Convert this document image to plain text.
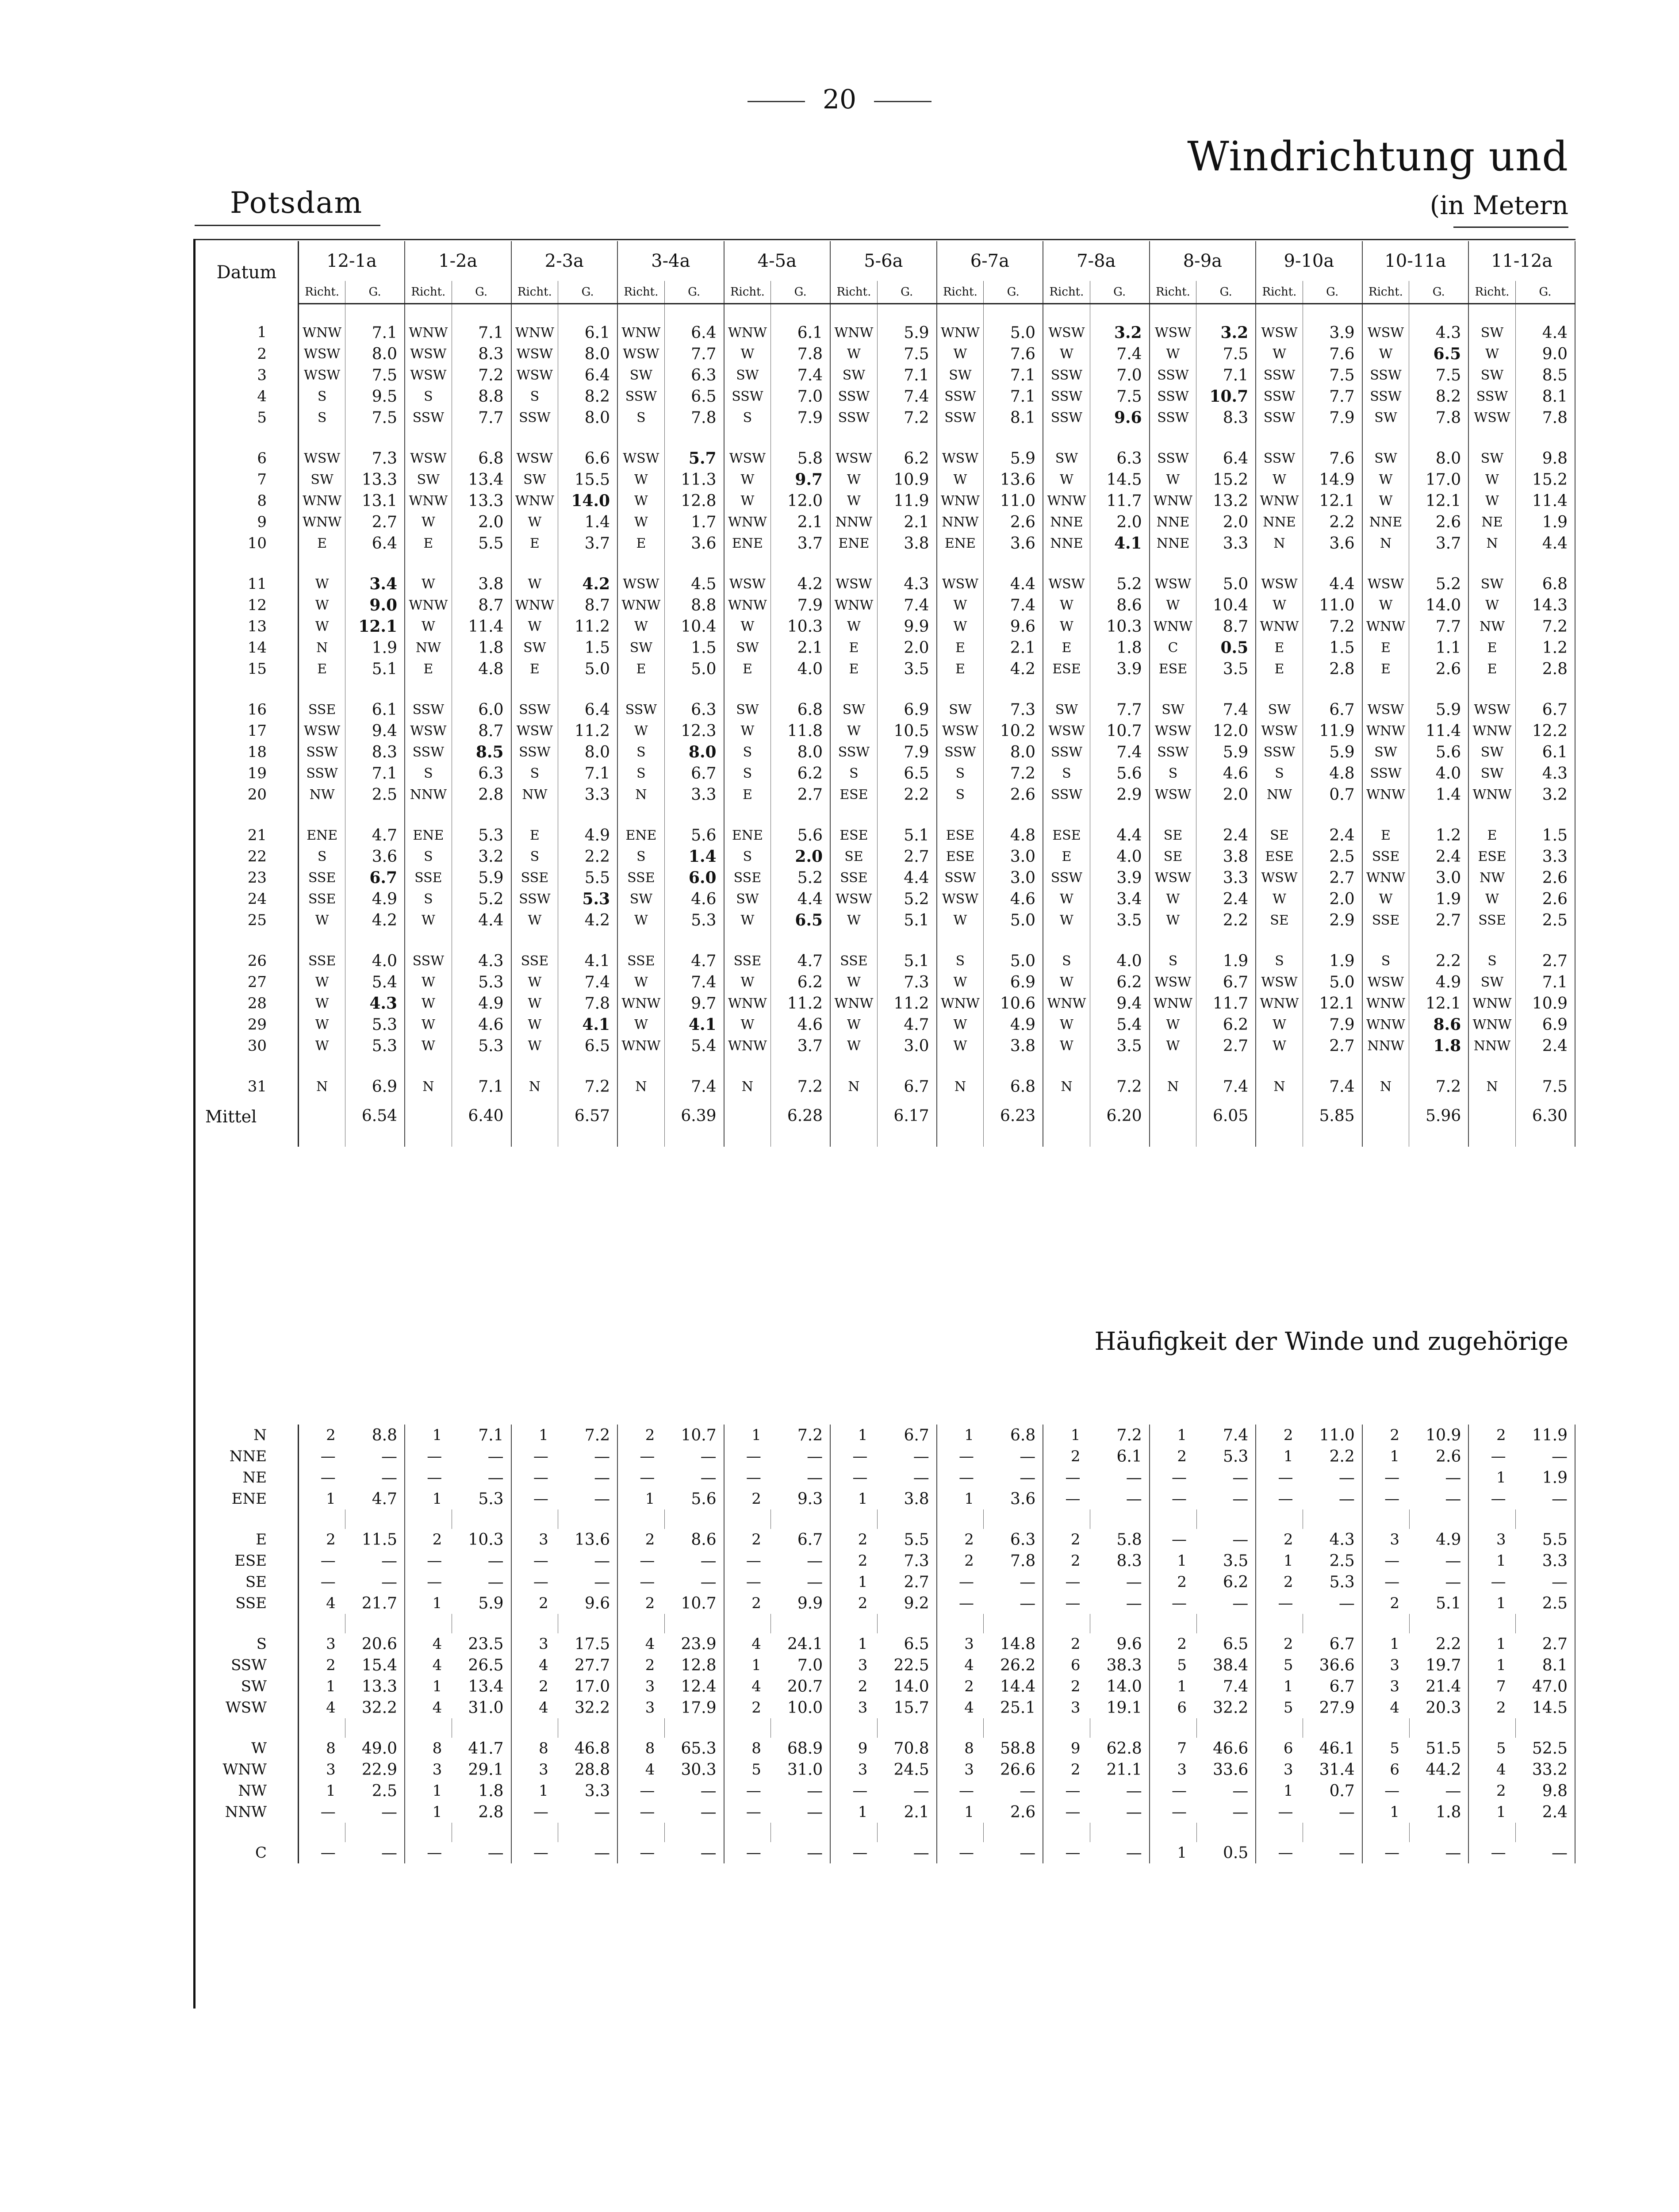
20
Windrichtung und
(in Metern
Potsdam
Datum	12-1a		1-2a		2-3a		3-4a		4-5a		5-6a		6-7a		7-8a		8-9a		9-10a		10-11a		11-12a	
	Richt.	G.	Richt.	G.	Richt.	G.	Richt.	G.	Richt.	G.	Richt.	G.	Richt.	G.	Richt.	G.	Richt.	G.	Richt.	G.	Richt.	G.	Richt.	G.
1	WNW	7.1	WNW	7.1	WNW	6.1	WNW	6.4	WNW	6.1	WNW	5.9	WNW	5.0	WSW	3.2	WSW	3.2	WSW	3.9	WSW	4.3	SW	4.4
2	WSW	8.0	WSW	8.3	WSW	8.0	WSW	7.7	W	7.8	W	7.5	W	7.6	W	7.4	W	7.5	W	7.6	W	6.5	W	9.0
3	WSW	7.5	WSW	7.2	WSW	6.4	SW	6.3	SW	7.4	SW	7.1	SW	7.1	SSW	7.0	SSW	7.1	SSW	7.5	SSW	7.5	SW	8.5
4	S	9.5	S	8.8	S	8.2	SSW	6.5	SSW	7.0	SSW	7.4	SSW	7.1	SSW	7.5	SSW	10.7	SSW	7.7	SSW	8.2	SSW	8.1
5	S	7.5	SSW	7.7	SSW	8.0	S	7.8	S	7.9	SSW	7.2	SSW	8.1	SSW	9.6	SSW	8.3	SSW	7.9	SW	7.8	WSW	7.8

6	WSW	7.3	WSW	6.8	WSW	6.6	WSW	5.7	WSW	5.8	WSW	6.2	WSW	5.9	SW	6.3	SSW	6.4	SSW	7.6	SW	8.0	SW	9.8
7	SW	13.3	SW	13.4	SW	15.5	W	11.3	W	9.7	W	10.9	W	13.6	W	14.5	W	15.2	W	14.9	W	17.0	W	15.2
8	WNW	13.1	WNW	13.3	WNW	14.0	W	12.8	W	12.0	W	11.9	WNW	11.0	WNW	11.7	WNW	13.2	WNW	12.1	W	12.1	W	11.4
9	WNW	2.7	W	2.0	W	1.4	W	1.7	WNW	2.1	NNW	2.1	NNW	2.6	NNE	2.0	NNE	2.0	NNE	2.2	NNE	2.6	NE	1.9
10	E	6.4	E	5.5	E	3.7	E	3.6	ENE	3.7	ENE	3.8	ENE	3.6	NNE	4.1	NNE	3.3	N	3.6	N	3.7	N	4.4

11	W	3.4	W	3.8	W	4.2	WSW	4.5	WSW	4.2	WSW	4.3	WSW	4.4	WSW	5.2	WSW	5.0	WSW	4.4	WSW	5.2	SW	6.8
12	W	9.0	WNW	8.7	WNW	8.7	WNW	8.8	WNW	7.9	WNW	7.4	W	7.4	W	8.6	W	10.4	W	11.0	W	14.0	W	14.3
13	W	12.1	W	11.4	W	11.2	W	10.4	W	10.3	W	9.9	W	9.6	W	10.3	WNW	8.7	WNW	7.2	WNW	7.7	NW	7.2
14	N	1.9	NW	1.8	SW	1.5	SW	1.5	SW	2.1	E	2.0	E	2.1	E	1.8	C	0.5	E	1.5	E	1.1	E	1.2
15	E	5.1	E	4.8	E	5.0	E	5.0	E	4.0	E	3.5	E	4.2	ESE	3.9	ESE	3.5	E	2.8	E	2.6	E	2.8

16	SSE	6.1	SSW	6.0	SSW	6.4	SSW	6.3	SW	6.8	SW	6.9	SW	7.3	SW	7.7	SW	7.4	SW	6.7	WSW	5.9	WSW	6.7
17	WSW	9.4	WSW	8.7	WSW	11.2	W	12.3	W	11.8	W	10.5	WSW	10.2	WSW	10.7	WSW	12.0	WSW	11.9	WNW	11.4	WNW	12.2
18	SSW	8.3	SSW	8.5	SSW	8.0	S	8.0	S	8.0	SSW	7.9	SSW	8.0	SSW	7.4	SSW	5.9	SSW	5.9	SW	5.6	SW	6.1
19	SSW	7.1	S	6.3	S	7.1	S	6.7	S	6.2	S	6.5	S	7.2	S	5.6	S	4.6	S	4.8	SSW	4.0	SW	4.3
20	NW	2.5	NNW	2.8	NW	3.3	N	3.3	E	2.7	ESE	2.2	S	2.6	SSW	2.9	WSW	2.0	NW	0.7	WNW	1.4	WNW	3.2

21	ENE	4.7	ENE	5.3	E	4.9	ENE	5.6	ENE	5.6	ESE	5.1	ESE	4.8	ESE	4.4	SE	2.4	SE	2.4	E	1.2	E	1.5
22	S	3.6	S	3.2	S	2.2	S	1.4	S	2.0	SE	2.7	ESE	3.0	E	4.0	SE	3.8	ESE	2.5	SSE	2.4	ESE	3.3
23	SSE	6.7	SSE	5.9	SSE	5.5	SSE	6.0	SSE	5.2	SSE	4.4	SSW	3.0	SSW	3.9	WSW	3.3	WSW	2.7	WNW	3.0	NW	2.6
24	SSE	4.9	S	5.2	SSW	5.3	SW	4.6	SW	4.4	WSW	5.2	WSW	4.6	W	3.4	W	2.4	W	2.0	W	1.9	W	2.6
25	W	4.2	W	4.4	W	4.2	W	5.3	W	6.5	W	5.1	W	5.0	W	3.5	W	2.2	SE	2.9	SSE	2.7	SSE	2.5

26	SSE	4.0	SSW	4.3	SSE	4.1	SSE	4.7	SSE	4.7	SSE	5.1	S	5.0	S	4.0	S	1.9	S	1.9	S	2.2	S	2.7
27	W	5.4	W	5.3	W	7.4	W	7.4	W	6.2	W	7.3	W	6.9	W	6.2	WSW	6.7	WSW	5.0	WSW	4.9	SW	7.1
28	W	4.3	W	4.9	W	7.8	WNW	9.7	WNW	11.2	WNW	11.2	WNW	10.6	WNW	9.4	WNW	11.7	WNW	12.1	WNW	12.1	WNW	10.9
29	W	5.3	W	4.6	W	4.1	W	4.1	W	4.6	W	4.7	W	4.9	W	5.4	W	6.2	W	7.9	WNW	8.6	WNW	6.9
30	W	5.3	W	5.3	W	6.5	WNW	5.4	WNW	3.7	W	3.0	W	3.8	W	3.5	W	2.7	W	2.7	NNW	1.8	NNW	2.4

31	N	6.9	N	7.1	N	7.2	N	7.4	N	7.2	N	6.7	N	6.8	N	7.2	N	7.4	N	7.4	N	7.2	N	7.5
Mittel		6.54		6.40		6.57		6.39		6.28		6.17		6.23		6.20		6.05		5.85		5.96		6.30
Häufigkeit der Winde und zugehörige
N	2	8.8	1	7.1	1	7.2	2	10.7	1	7.2	1	6.7	1	6.8	1	7.2	1	7.4	2	11.0	2	10.9	2	11.9
NNE	—	—	—	—	—	—	—	—	—	—	—	—	—	—	2	6.1	2	5.3	1	2.2	1	2.6	—	—
NE	—	—	—	—	—	—	—	—	—	—	—	—	—	—	—	—	—	—	—	—	—	—	1	1.9
ENE	1	4.7	1	5.3	—	—	1	5.6	2	9.3	1	3.8	1	3.6	—	—	—	—	—	—	—	—	—	—

E	2	11.5	2	10.3	3	13.6	2	8.6	2	6.7	2	5.5	2	6.3	2	5.8	—	—	2	4.3	3	4.9	3	5.5
ESE	—	—	—	—	—	—	—	—	—	—	2	7.3	2	7.8	2	8.3	1	3.5	1	2.5	—	—	1	3.3
SE	—	—	—	—	—	—	—	—	—	—	1	2.7	—	—	—	—	2	6.2	2	5.3	—	—	—	—
SSE	4	21.7	1	5.9	2	9.6	2	10.7	2	9.9	2	9.2	—	—	—	—	—	—	—	—	2	5.1	1	2.5

S	3	20.6	4	23.5	3	17.5	4	23.9	4	24.1	1	6.5	3	14.8	2	9.6	2	6.5	2	6.7	1	2.2	1	2.7
SSW	2	15.4	4	26.5	4	27.7	2	12.8	1	7.0	3	22.5	4	26.2	6	38.3	5	38.4	5	36.6	3	19.7	1	8.1
SW	1	13.3	1	13.4	2	17.0	3	12.4	4	20.7	2	14.0	2	14.4	2	14.0	1	7.4	1	6.7	3	21.4	7	47.0
WSW	4	32.2	4	31.0	4	32.2	3	17.9	2	10.0	3	15.7	4	25.1	3	19.1	6	32.2	5	27.9	4	20.3	2	14.5

W	8	49.0	8	41.7	8	46.8	8	65.3	8	68.9	9	70.8	8	58.8	9	62.8	7	46.6	6	46.1	5	51.5	5	52.5
WNW	3	22.9	3	29.1	3	28.8	4	30.3	5	31.0	3	24.5	3	26.6	2	21.1	3	33.6	3	31.4	6	44.2	4	33.2
NW	1	2.5	1	1.8	1	3.3	—	—	—	—	—	—	—	—	—	—	—	—	1	0.7	—	—	2	9.8
NNW	—	—	1	2.8	—	—	—	—	—	—	1	2.1	1	2.6	—	—	—	—	—	—	1	1.8	1	2.4

C	—	—	—	—	—	—	—	—	—	—	—	—	—	—	—	—	1	0.5	—	—	—	—	—	—
